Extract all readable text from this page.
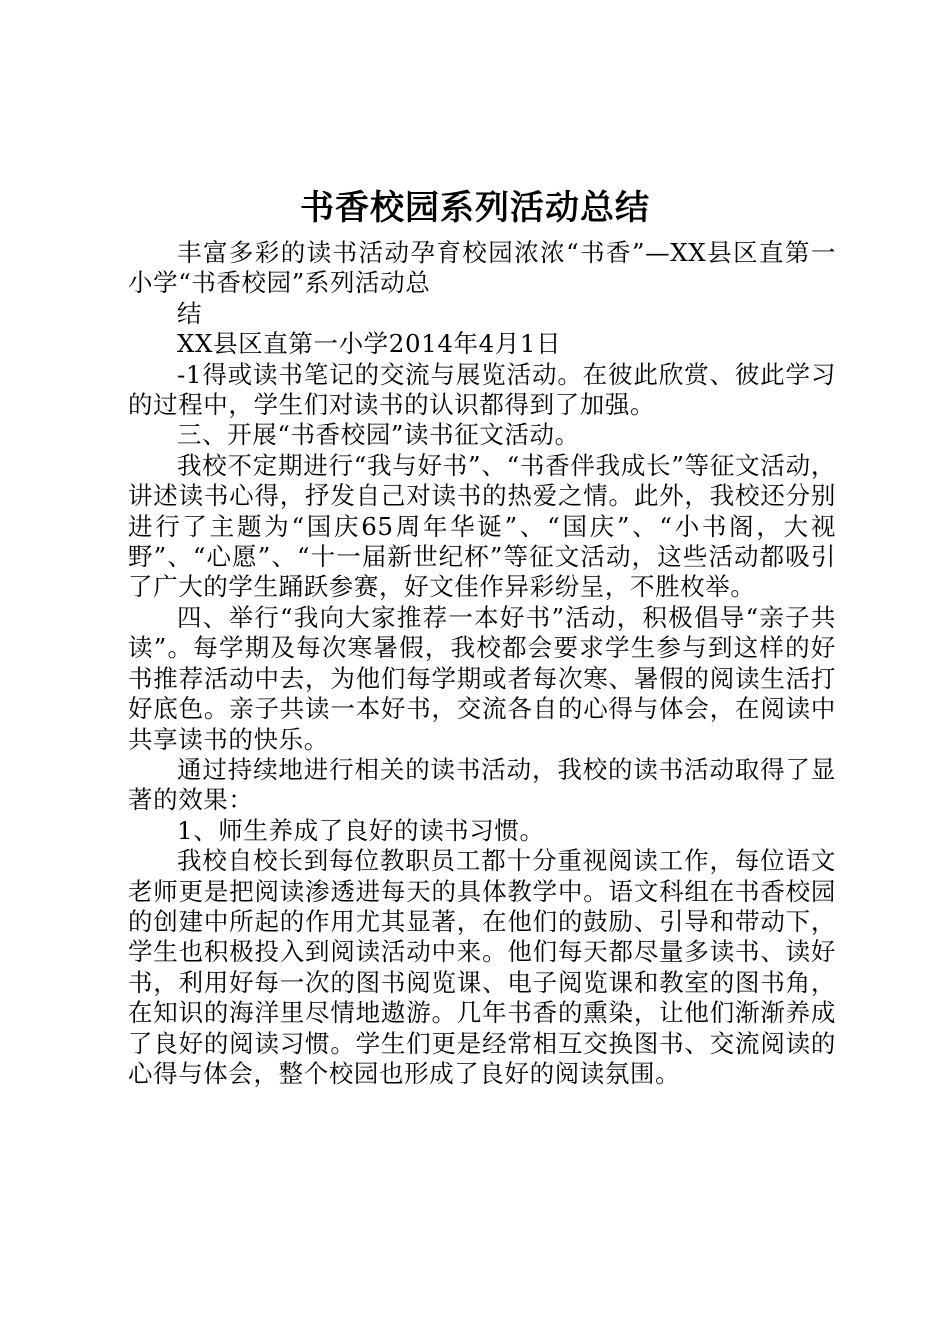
书香校园系列活动总结

丰富多彩的读书活动孕育校园浓浓“书香”—XX县区直第一小学“书香校园”系列活动总

结

XX县区直第一小学2014年4月1日

-1得或读书笔记的交流与展览活动。在彼此欣赏、彼此学习的过程中，学生们对读书的认识都得到了加强。

三、开展“书香校园”读书征文活动。

我校不定期进行“我与好书”、“书香伴我成长”等征文活动，讲述读书心得，抒发自己对读书的热爱之情。此外，我校还分别进行了主题为“国庆65周年华诞”、“国庆”、“小书阁，大视野”、“心愿”、“十一届新世纪杯”等征文活动，这些活动都吸引了广大的学生踊跃参赛，好文佳作异彩纷呈，不胜枚举。

四、举行“我向大家推荐一本好书”活动，积极倡导“亲子共读”。每学期及每次寒暑假，我校都会要求学生参与到这样的好书推荐活动中去，为他们每学期或者每次寒、暑假的阅读生活打好底色。亲子共读一本好书，交流各自的心得与体会，在阅读中共享读书的快乐。

通过持续地进行相关的读书活动，我校的读书活动取得了显著的效果：

1、师生养成了良好的读书习惯。

我校自校长到每位教职员工都十分重视阅读工作，每位语文老师更是把阅读渗透进每天的具体教学中。语文科组在书香校园的创建中所起的作用尤其显著，在他们的鼓励、引导和带动下，学生也积极投入到阅读活动中来。他们每天都尽量多读书、读好书，利用好每一次的图书阅览课、电子阅览课和教室的图书角，在知识的海洋里尽情地遨游。几年书香的熏染，让他们渐渐养成了良好的阅读习惯。学生们更是经常相互交换图书、交流阅读的心得与体会，整个校园也形成了良好的阅读氛围。
